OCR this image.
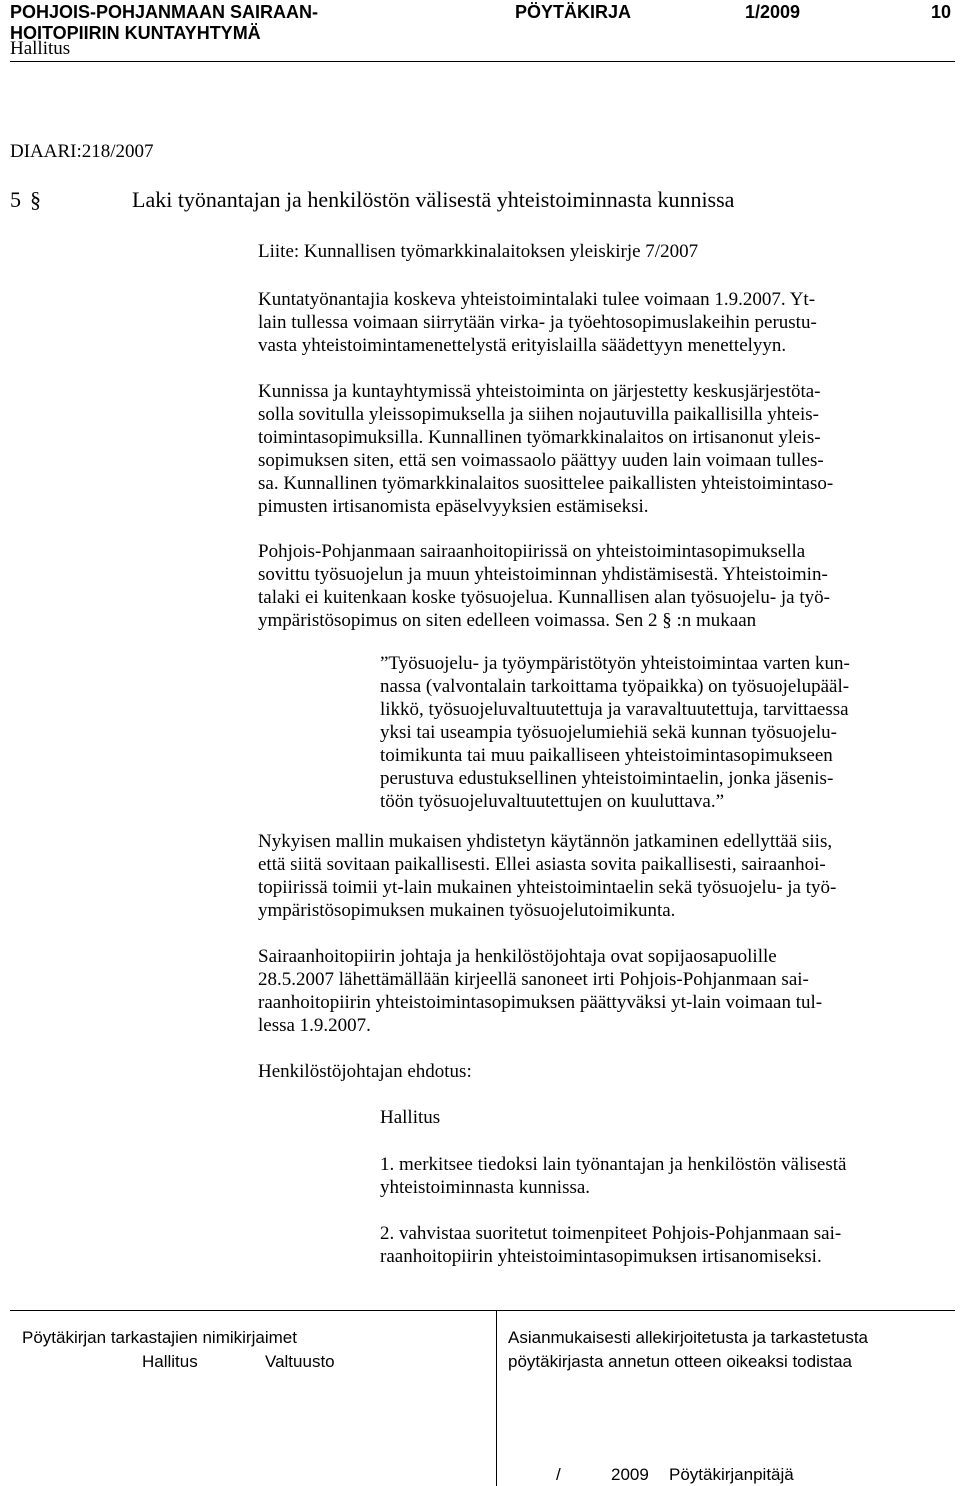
POHJOIS-POHJANMAAN SAIRAAN-
HOITOPIIRIN KUNTAYHTYMÄ
PÖYTÄKIRJA	1/2009	10
Hallitus
DIAARI:218/2007
5 §	Laki työnantajan ja henkilöstön välisestä yhteistoiminnasta kunnissa
Liite: Kunnallisen työmarkkinalaitoksen yleiskirje 7/2007
Kuntatyönantajia koskeva yhteistoimintalaki tulee voimaan 1.9.2007. Yt-
lain tullessa voimaan siirrytään virka- ja työehtosopimuslakeihin perustu-
vasta yhteistoimintamenettelystä erityislailla säädettyyn menettelyyn.
Kunnissa ja kuntayhtymissä yhteistoiminta on järjestetty keskusjärjestöta-
solla sovitulla yleissopimuksella ja siihen nojautuvilla paikallisilla yhteis-
toimintasopimuksilla. Kunnallinen työmarkkinalaitos on irtisanonut yleis-
sopimuksen siten, että sen voimassaolo päättyy uuden lain voimaan tulles-
sa. Kunnallinen työmarkkinalaitos suosittelee paikallisten yhteistoimintaso-
pimusten irtisanomista epäselvyyksien estämiseksi.
Pohjois-Pohjanmaan sairaanhoitopiirissä on yhteistoimintasopimuksella
sovittu työsuojelun ja muun yhteistoiminnan yhdistämisestä. Yhteistoimin-
talaki ei kuitenkaan koske työsuojelua. Kunnallisen alan työsuojelu- ja työ-
ympäristösopimus on siten edelleen voimassa. Sen 2 § :n mukaan
”Työsuojelu- ja työympäristötyön yhteistoimintaa varten kun-
nassa (valvontalain tarkoittama työpaikka) on työsuojelupääl-
likkö, työsuojeluvaltuutettuja ja varavaltuutettuja, tarvittaessa
yksi tai useampia työsuojelumiehiä sekä kunnan työsuojelu-
toimikunta tai muu paikalliseen yhteistoimintasopimukseen
perustuva edustuksellinen yhteistoimintaelin, jonka jäsenis-
töön työsuojeluvaltuutettujen on kuuluttava.”
Nykyisen mallin mukaisen yhdistetyn käytännön jatkaminen edellyttää siis,
että siitä sovitaan paikallisesti. Ellei asiasta sovita paikallisesti, sairaanhoi-
topiirissä toimii yt-lain mukainen yhteistoimintaelin sekä työsuojelu- ja työ-
ympäristösopimuksen mukainen työsuojelutoimikunta.
Sairaanhoitopiirin johtaja ja henkilöstöjohtaja ovat sopijaosapuolille
28.5.2007 lähettämällään kirjeellä sanoneet irti Pohjois-Pohjanmaan sai-
raanhoitopiirin yhteistoimintasopimuksen päättyväksi yt-lain voimaan tul-
lessa 1.9.2007.
Henkilöstöjohtajan ehdotus:
Hallitus
1. merkitsee tiedoksi lain työnantajan ja henkilöstön välisestä
yhteistoiminnasta kunnissa.
2. vahvistaa suoritetut toimenpiteet Pohjois-Pohjanmaan sai-
raanhoitopiirin yhteistoimintasopimuksen irtisanomiseksi.
Pöytäkirjan tarkastajien nimikirjaimet
Hallitus	Valtuusto
Asianmukaisesti allekirjoitetusta ja tarkastetusta
pöytäkirjasta annetun otteen oikeaksi todistaa
/	2009 Pöytäkirjanpitäjä
